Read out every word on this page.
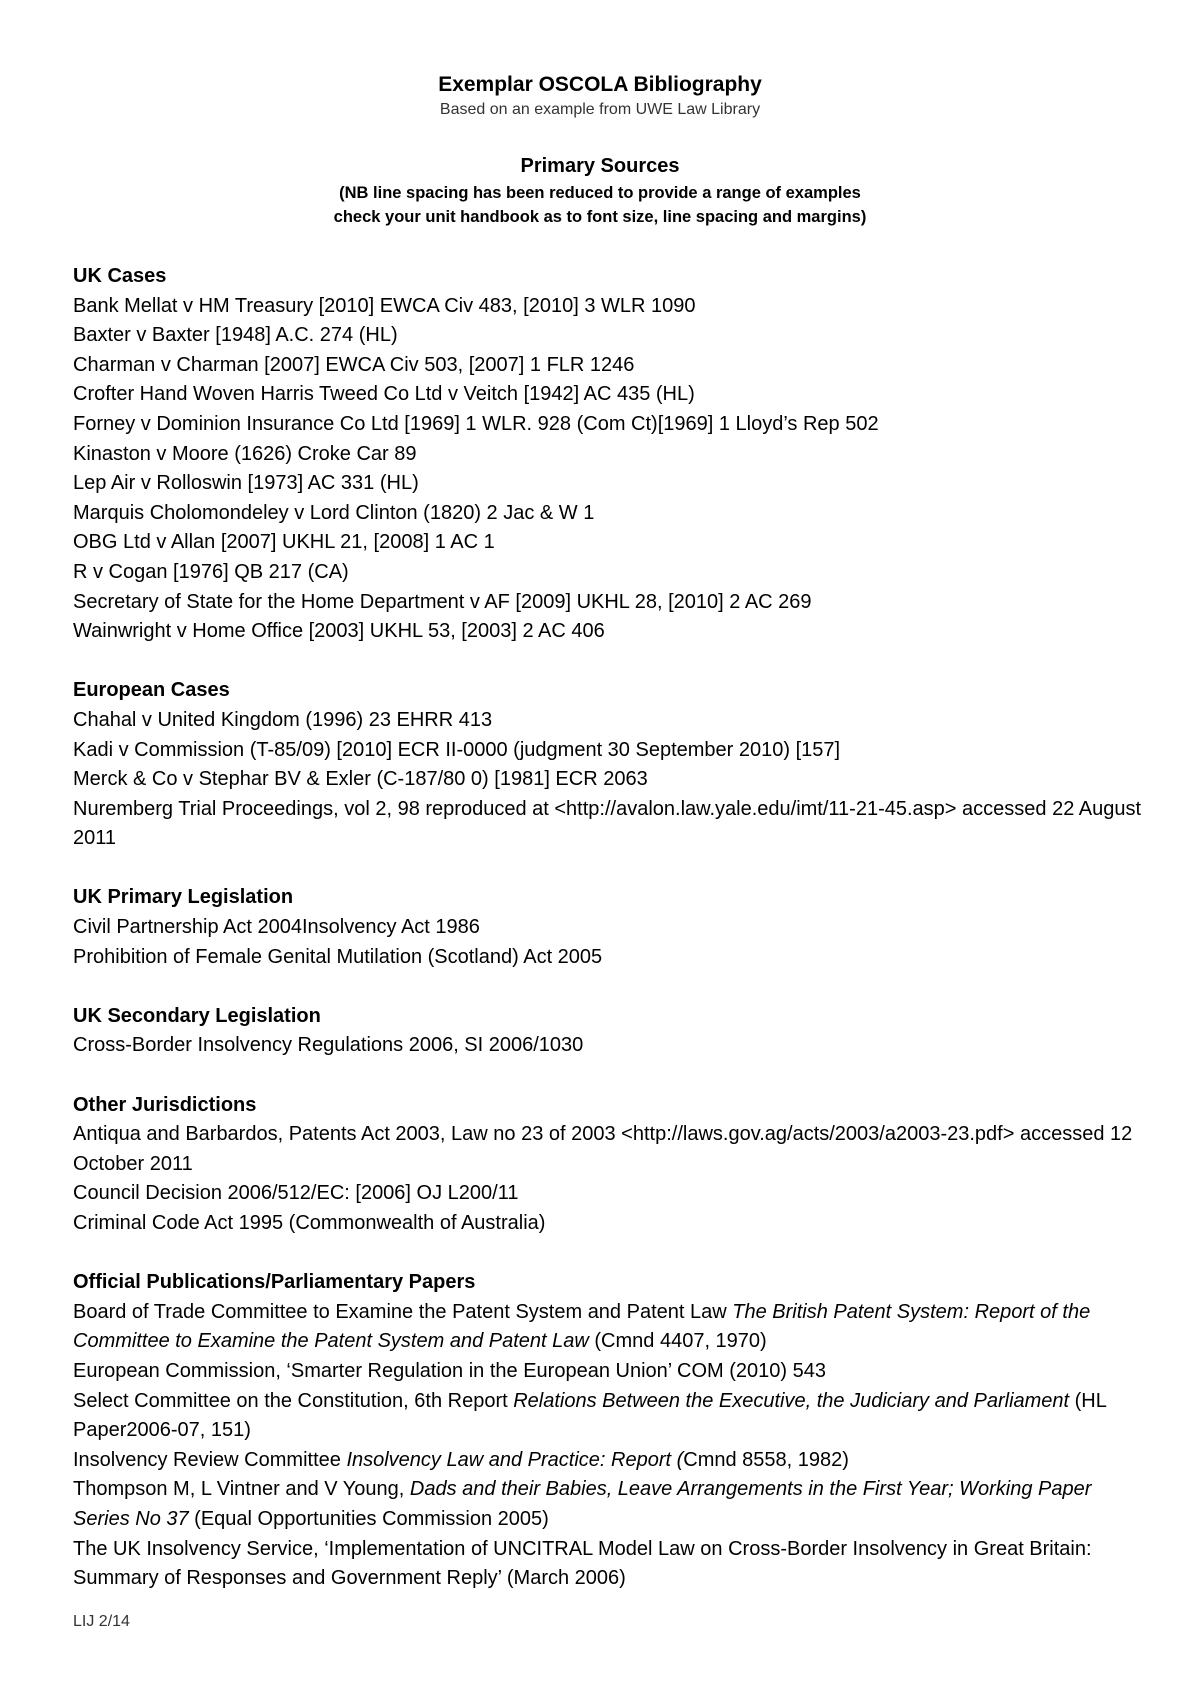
Exemplar OSCOLA Bibliography
Based on an example from UWE Law Library
Primary Sources
(NB line spacing has been reduced to provide a range of examples
check your unit handbook as to font size, line spacing and margins)
UK Cases
Bank Mellat v HM Treasury [2010] EWCA Civ 483, [2010] 3 WLR 1090
Baxter v Baxter [1948] A.C. 274 (HL)
Charman v Charman [2007] EWCA Civ 503, [2007] 1 FLR 1246
Crofter Hand Woven Harris Tweed Co Ltd v Veitch [1942] AC 435 (HL)
Forney v Dominion Insurance Co Ltd [1969] 1 WLR. 928 (Com Ct)[1969] 1 Lloyd’s Rep 502
Kinaston v Moore (1626) Croke Car 89
Lep Air v Rolloswin [1973] AC 331 (HL)
Marquis Cholomondeley v Lord Clinton (1820) 2 Jac & W 1
OBG Ltd v Allan [2007] UKHL 21, [2008] 1 AC 1
R v Cogan [1976] QB 217 (CA)
Secretary of State for the Home Department v AF [2009] UKHL 28, [2010] 2 AC 269
Wainwright v Home Office [2003] UKHL 53, [2003] 2 AC 406
European Cases
Chahal v United Kingdom (1996) 23 EHRR 413
Kadi v Commission (T-85/09) [2010] ECR II-0000 (judgment 30 September 2010) [157]
Merck & Co v Stephar BV & Exler (C-187/80 0) [1981] ECR 2063
Nuremberg Trial Proceedings, vol 2, 98 reproduced at <http://avalon.law.yale.edu/imt/11-21-45.asp> accessed 22 August 2011
UK Primary Legislation
Civil Partnership Act 2004Insolvency Act 1986
Prohibition of Female Genital Mutilation (Scotland) Act 2005
UK Secondary Legislation
Cross-Border Insolvency Regulations 2006, SI 2006/1030
Other Jurisdictions
Antiqua and Barbardos, Patents Act 2003, Law no 23 of 2003 <http://laws.gov.ag/acts/2003/a2003-23.pdf> accessed 12 October 2011
Council Decision 2006/512/EC: [2006] OJ L200/11
Criminal Code Act 1995 (Commonwealth of Australia)
Official Publications/Parliamentary Papers
Board of Trade Committee to Examine the Patent System and Patent Law The British Patent System: Report of the Committee to Examine the Patent System and Patent Law (Cmnd 4407, 1970)
European Commission, ‘Smarter Regulation in the European Union’ COM (2010) 543
Select Committee on the Constitution, 6th Report Relations Between the Executive, the Judiciary and Parliament (HL Paper2006-07, 151)
Insolvency Review Committee Insolvency Law and Practice: Report (Cmnd 8558, 1982)
Thompson M, L Vintner and V Young, Dads and their Babies, Leave Arrangements in the First Year; Working Paper Series No 37 (Equal Opportunities Commission 2005)
The UK Insolvency Service, ‘Implementation of UNCITRAL Model Law on Cross-Border Insolvency in Great Britain: Summary of Responses and Government Reply’ (March 2006)
LIJ 2/14
